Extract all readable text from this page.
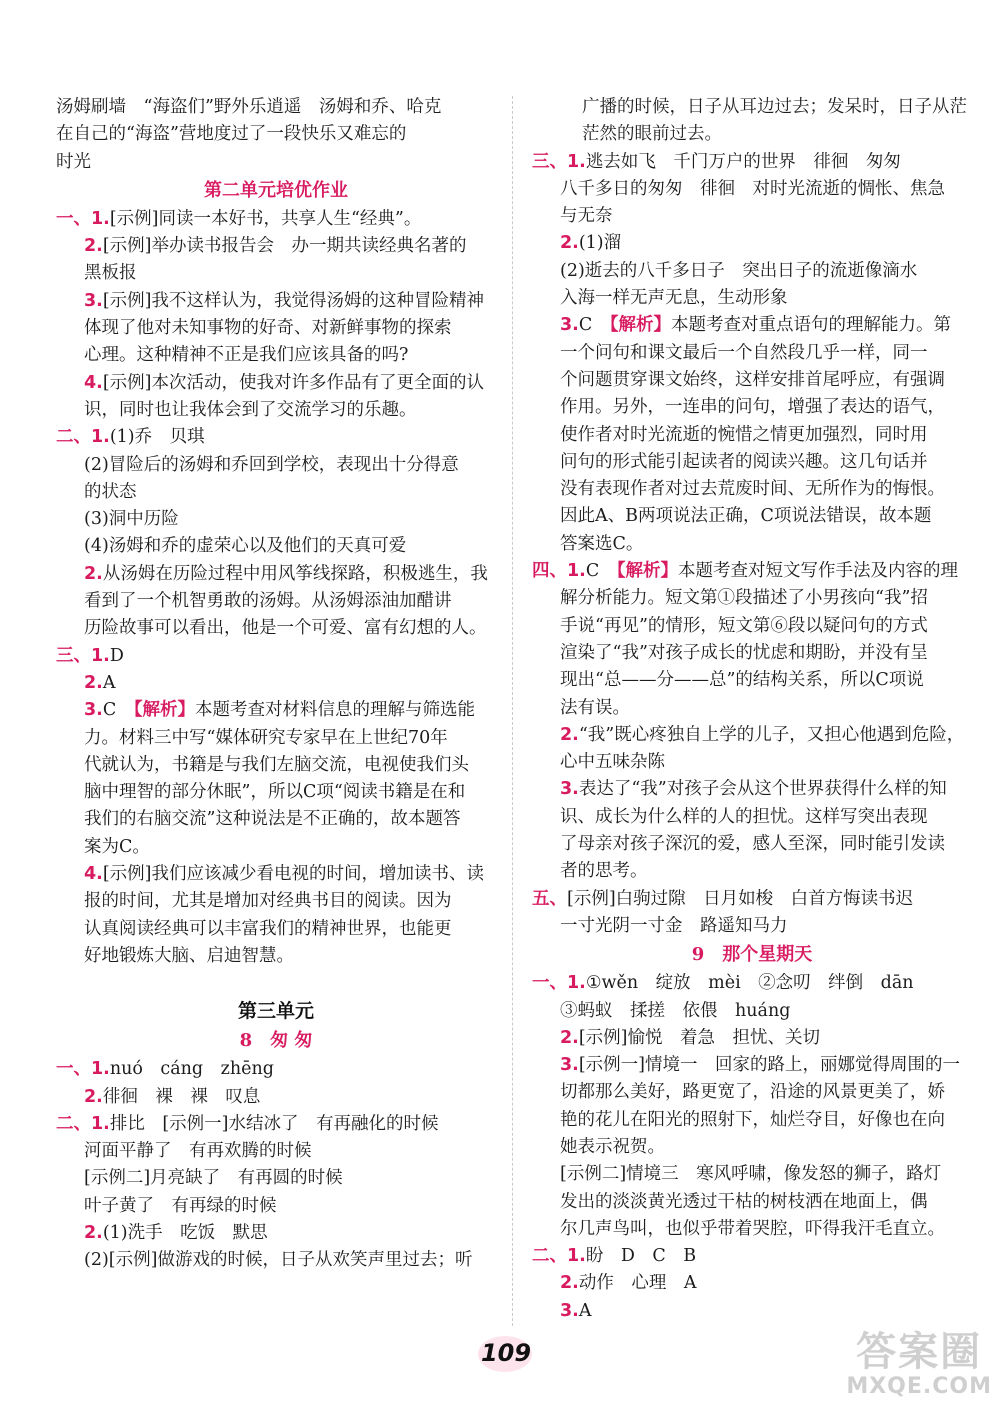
汤姆刷墙　“海盗们”野外乐逍遥　汤姆和乔、哈克
在自己的“海盗”营地度过了一段快乐又难忘的
时光
第二单元培优作业
一、1.[示例]同读一本好书，共享人生“经典”。
2.[示例]举办读书报告会　办一期共读经典名著的
黑板报
3.[示例]我不这样认为，我觉得汤姆的这种冒险精神
体现了他对未知事物的好奇、对新鲜事物的探索
心理。这种精神不正是我们应该具备的吗?
4.[示例]本次活动，使我对许多作品有了更全面的认
识，同时也让我体会到了交流学习的乐趣。
二、1.(1)乔　贝琪
(2)冒险后的汤姆和乔回到学校，表现出十分得意
的状态
(3)洞中历险
(4)汤姆和乔的虚荣心以及他们的天真可爱
2.从汤姆在历险过程中用风筝线探路，积极逃生，我
看到了一个机智勇敢的汤姆。从汤姆添油加醋讲
历险故事可以看出，他是一个可爱、富有幻想的人。
三、1.D
2.A
3.C　【解析】本题考查对材料信息的理解与筛选能
力。材料三中写“媒体研究专家早在上世纪70年
代就认为，书籍是与我们左脑交流，电视使我们头
脑中理智的部分休眠”，所以C项“阅读书籍是在和
我们的右脑交流”这种说法是不正确的，故本题答
案为C。
4.[示例]我们应该减少看电视的时间，增加读书、读
报的时间，尤其是增加对经典书目的阅读。因为
认真阅读经典可以丰富我们的精神世界，也能更
好地锻炼大脑、启迪智慧。
第三单元
8　匆 匆
一、1.nuó　cáng　zhēng
2.徘徊　裸　裸　叹息
二、1.排比　[示例一]水结冰了　有再融化的时候
河面平静了　有再欢腾的时候
[示例二]月亮缺了　有再圆的时候
叶子黄了　有再绿的时候
2.(1)洗手　吃饭　默思
(2)[示例]做游戏的时候，日子从欢笑声里过去；听
广播的时候，日子从耳边过去；发呆时，日子从茫
茫然的眼前过去。
三、1.逃去如飞　千门万户的世界　徘徊　匆匆
八千多日的匆匆　徘徊　对时光流逝的惆怅、焦急
与无奈
2.(1)溜
(2)逝去的八千多日子　突出日子的流逝像滴水
入海一样无声无息，生动形象
3.C　【解析】本题考查对重点语句的理解能力。第
一个问句和课文最后一个自然段几乎一样，同一
个问题贯穿课文始终，这样安排首尾呼应，有强调
作用。另外，一连串的问句，增强了表达的语气，
使作者对时光流逝的惋惜之情更加强烈，同时用
问句的形式能引起读者的阅读兴趣。这几句话并
没有表现作者对过去荒废时间、无所作为的悔恨。
因此A、B两项说法正确，C项说法错误，故本题
答案选C。
四、1.C　【解析】本题考查对短文写作手法及内容的理
解分析能力。短文第①段描述了小男孩向“我”招
手说“再见”的情形，短文第⑥段以疑问句的方式
渲染了“我”对孩子成长的忧虑和期盼，并没有呈
现出“总——分——总”的结构关系，所以C项说
法有误。
2.“我”既心疼独自上学的儿子，又担心他遇到危险，
心中五味杂陈
3.表达了“我”对孩子会从这个世界获得什么样的知
识、成长为什么样的人的担忧。这样写突出表现
了母亲对孩子深沉的爱，感人至深，同时能引发读
者的思考。
五、[示例]白驹过隙　日月如梭　白首方悔读书迟
一寸光阴一寸金　路遥知马力
9　那个星期天
一、1.①wěn　绽放　mèi　②念叨　绊倒　dān
③蚂蚁　揉搓　依偎　huáng
2.[示例]愉悦　着急　担忧、关切
3.[示例一]情境一　回家的路上，丽娜觉得周围的一
切都那么美好，路更宽了，沿途的风景更美了，娇
艳的花儿在阳光的照射下，灿烂夺目，好像也在向
她表示祝贺。
[示例二]情境三　寒风呼啸，像发怒的狮子，路灯
发出的淡淡黄光透过干枯的树枝洒在地面上，偶
尔几声鸟叫，也似乎带着哭腔，吓得我汗毛直立。
二、1.盼　D　C　B
2.动作　心理　A
3.A
109	答案圈
MXQE.COM
